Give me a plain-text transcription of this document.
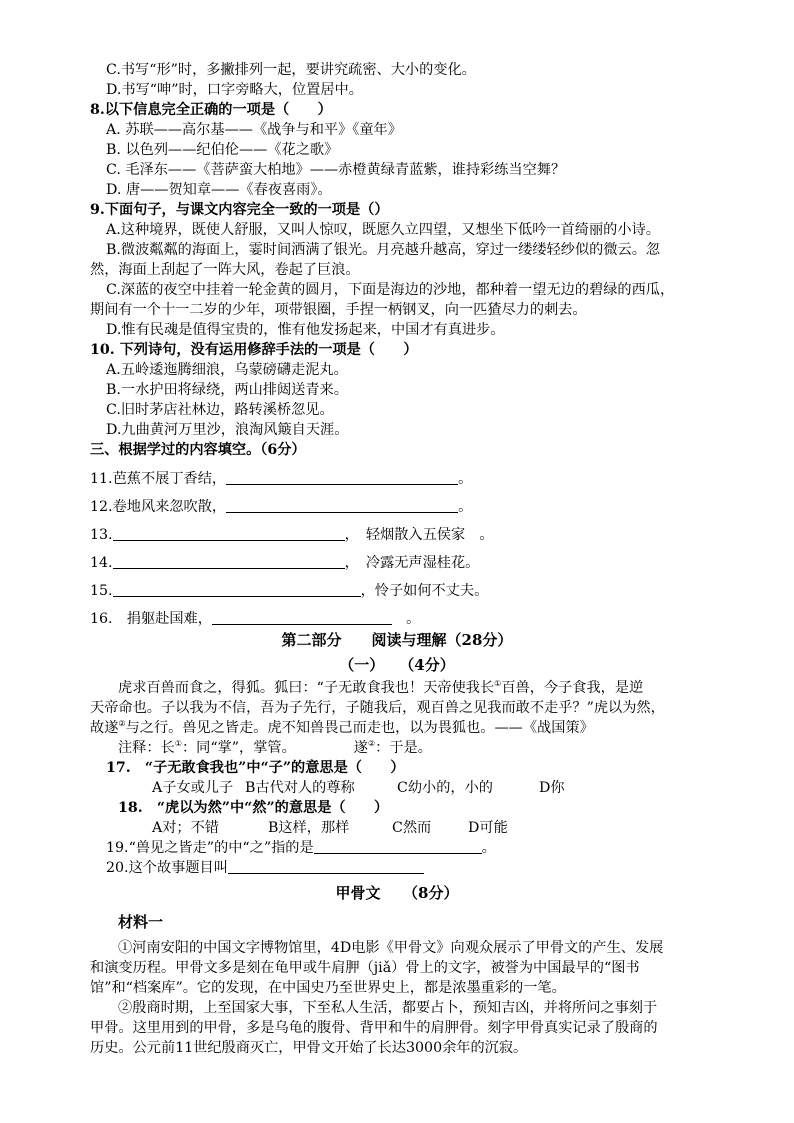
C.书写“形”时，多撇排列一起，要讲究疏密、大小的变化。
D.书写“呻”时，口字旁略大，位置居中。
8.以下信息完全正确的一项是（　　）
A. 苏联——高尔基——《战争与和平》《童年》
B. 以色列——纪伯伦——《花之歌》
C. 毛泽东——《菩萨蛮大柏地》——赤橙黄绿青蓝紫，谁持彩练当空舞？
D. 唐——贺知章——《春夜喜雨》。
9.下面句子，与课文内容完全一致的一项是（）
A.这种境界，既使人舒服，又叫人惊叹，既愿久立四望，又想坐下低吟一首绮丽的小诗。
B.微波粼粼的海面上，霎时间洒满了银光。月亮越升越高，穿过一缕缕轻纱似的微云。忽
然，海面上刮起了一阵大风，卷起了巨浪。
C.深蓝的夜空中挂着一轮金黄的圆月，下面是海边的沙地，都种着一望无边的碧绿的西瓜，
期间有一个十一二岁的少年，项带银圈，手捏一柄钢叉，向一匹猹尽力的刺去。
D.惟有民魂是值得宝贵的，惟有他发扬起来，中国才有真进步。
10. 下列诗句，没有运用修辞手法的一项是（　　）
A.五岭逶迤腾细浪，乌蒙磅礴走泥丸。
B.一水护田将绿绕，两山排闼送青来。
C.旧时茅店社林边，路转溪桥忽见。
D.九曲黄河万里沙，浪淘风簸自天涯。
三、根据学过的内容填空。（6分）
11.芭蕉不展丁香结，	。
12.卷地风来忽吹散，	。
13.	，　轻烟散入五侯家　。
14.	，　冷露无声湿桂花。
15.	，怜子如何不丈夫。
16.　捐躯赴国难，	　。
第二部分　　阅读与理解（28分）
（一）　　（4分）
虎求百兽而食之，得狐。狐曰：“子无敢食我也！天帝使我长①百兽，今子食我，是逆
天帝命也。子以我为不信，吾为子先行，子随我后，观百兽之见我而敢不走乎？”虎以为然，
故遂②与之行。兽见之皆走。虎不知兽畏己而走也，以为畏狐也。——《战国策》
注释：长①：同“掌”，掌管。	遂②：于是。
17.　“子无敢食我也”中“子”的意思是（　　）
A子女或儿子 B古代对人的尊称	C幼小的，小的	D你
18.　“虎以为然”中“然”的意思是（　　）
A对；不错	B这样，那样	C然而	D可能
19.“兽见之皆走”的中“之”指的是	。
20.这个故事题目叫
甲骨文　　（8分）
材料一
①河南安阳的中国文字博物馆里，4D电影《甲骨文》向观众展示了甲骨文的产生、发展
和演变历程。甲骨文多是刻在龟甲或牛肩胛（jiǎ）骨上的文字，被誉为中国最早的“图书
馆”和“档案库”。它的发现，在中国史乃至世界史上，都是浓墨重彩的一笔。
②殷商时期，上至国家大事，下至私人生活，都要占卜，预知吉凶，并将所问之事刻于
甲骨。这里用到的甲骨，多是乌龟的腹骨、背甲和牛的肩胛骨。刻字甲骨真实记录了殷商的
历史。公元前11世纪殷商灭亡，甲骨文开始了长达3000余年的沉寂。
